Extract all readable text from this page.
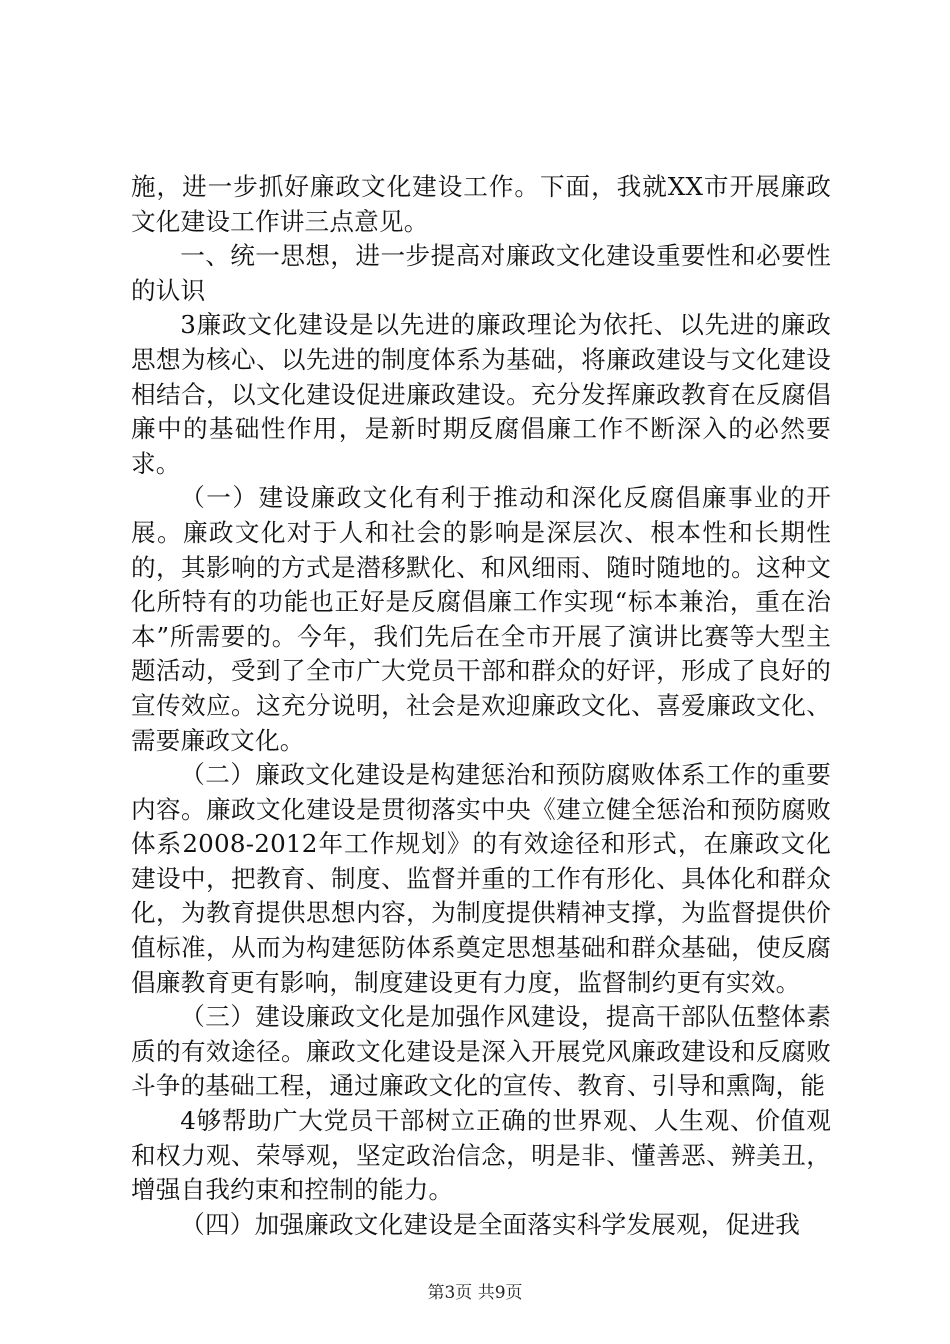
施，进一步抓好廉政文化建设工作。下面，我就XX市开展廉政文化建设工作讲三点意见。

一、统一思想，进一步提高对廉政文化建设重要性和必要性的认识

3廉政文化建设是以先进的廉政理论为依托、以先进的廉政思想为核心、以先进的制度体系为基础，将廉政建设与文化建设相结合，以文化建设促进廉政建设。充分发挥廉政教育在反腐倡廉中的基础性作用，是新时期反腐倡廉工作不断深入的必然要求。

（一）建设廉政文化有利于推动和深化反腐倡廉事业的开展。廉政文化对于人和社会的影响是深层次、根本性和长期性的，其影响的方式是潜移默化、和风细雨、随时随地的。这种文化所特有的功能也正好是反腐倡廉工作实现“标本兼治，重在治本”所需要的。今年，我们先后在全市开展了演讲比赛等大型主题活动，受到了全市广大党员干部和群众的好评，形成了良好的宣传效应。这充分说明，社会是欢迎廉政文化、喜爱廉政文化、需要廉政文化。

（二）廉政文化建设是构建惩治和预防腐败体系工作的重要内容。廉政文化建设是贯彻落实中央《建立健全惩治和预防腐败体系2008-2012年工作规划》的有效途径和形式，在廉政文化建设中，把教育、制度、监督并重的工作有形化、具体化和群众化，为教育提供思想内容，为制度提供精神支撑，为监督提供价值标准，从而为构建惩防体系奠定思想基础和群众基础，使反腐倡廉教育更有影响，制度建设更有力度，监督制约更有实效。

（三）建设廉政文化是加强作风建设，提高干部队伍整体素质的有效途径。廉政文化建设是深入开展党风廉政建设和反腐败斗争的基础工程，通过廉政文化的宣传、教育、引导和熏陶，能

4够帮助广大党员干部树立正确的世界观、人生观、价值观和权力观、荣辱观，坚定政治信念，明是非、懂善恶、辨美丑，增强自我约束和控制的能力。

（四）加强廉政文化建设是全面落实科学发展观，促进我

第3页 共9页
